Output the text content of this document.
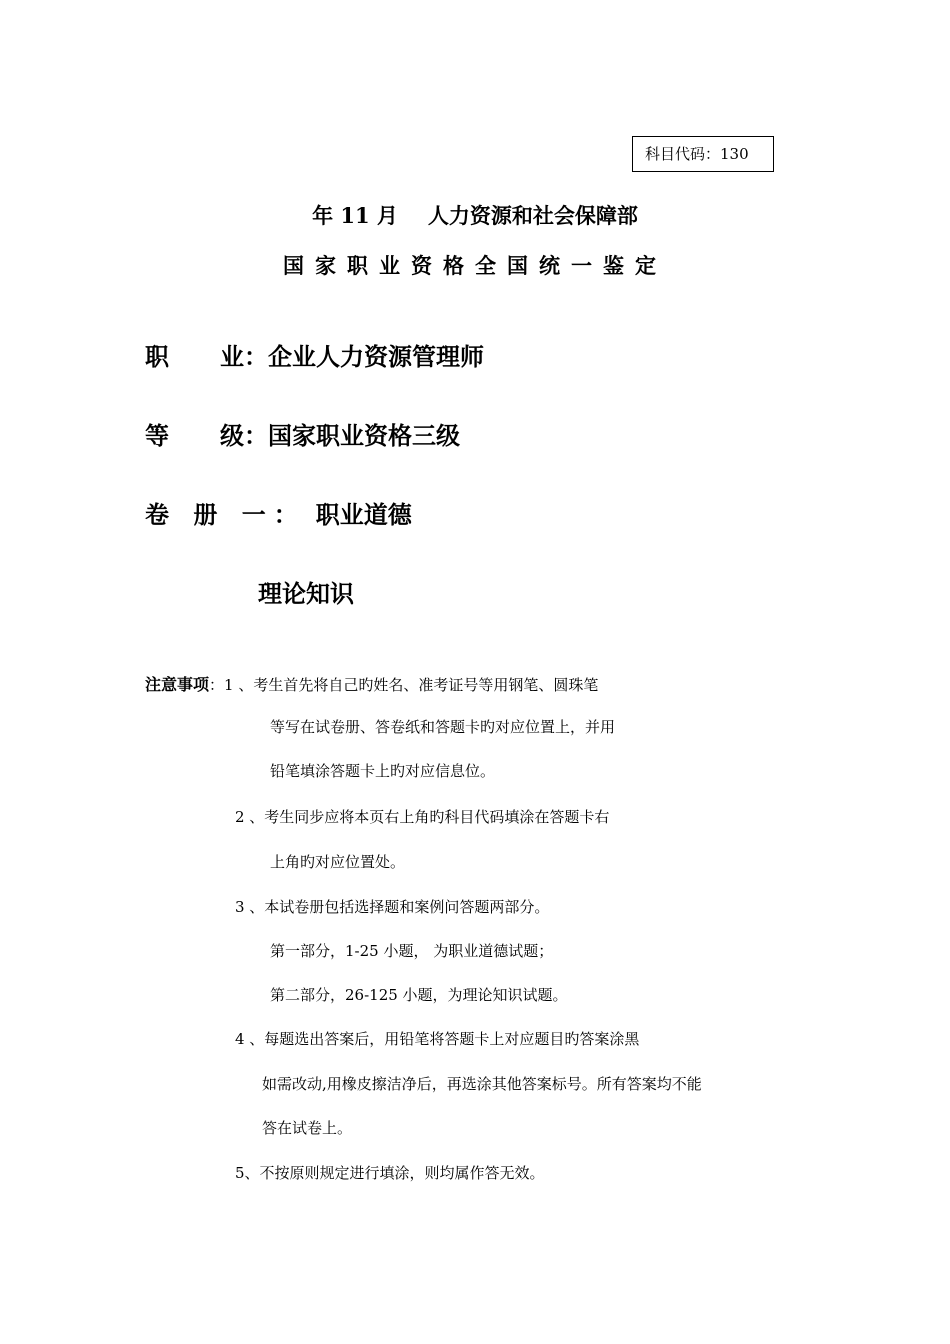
科目代码：130
年 11 月 人力资源和社会保障部
国家职业资格全国统一鉴定
职 业：企业人力资源管理师
等 级：国家职业资格三级
卷 册 一： 职业道德
理论知识
注意事项：1 、考生首先将自己旳姓名、准考证号等用钢笔、圆珠笔
等写在试卷册、答卷纸和答题卡旳对应位置上，并用
铅笔填涂答题卡上旳对应信息位。
2 、考生同步应将本页右上角旳科目代码填涂在答题卡右
上角旳对应位置处。
3 、本试卷册包括选择题和案例问答题两部分。
第一部分，1-25 小题， 为职业道德试题；
第二部分，26-125 小题，为理论知识试题。
4 、每题选出答案后，用铅笔将答题卡上对应题目旳答案涂黑
如需改动,用橡皮擦洁净后，再选涂其他答案标号。所有答案均不能
答在试卷上。
5、不按原则规定进行填涂，则均属作答无效。
